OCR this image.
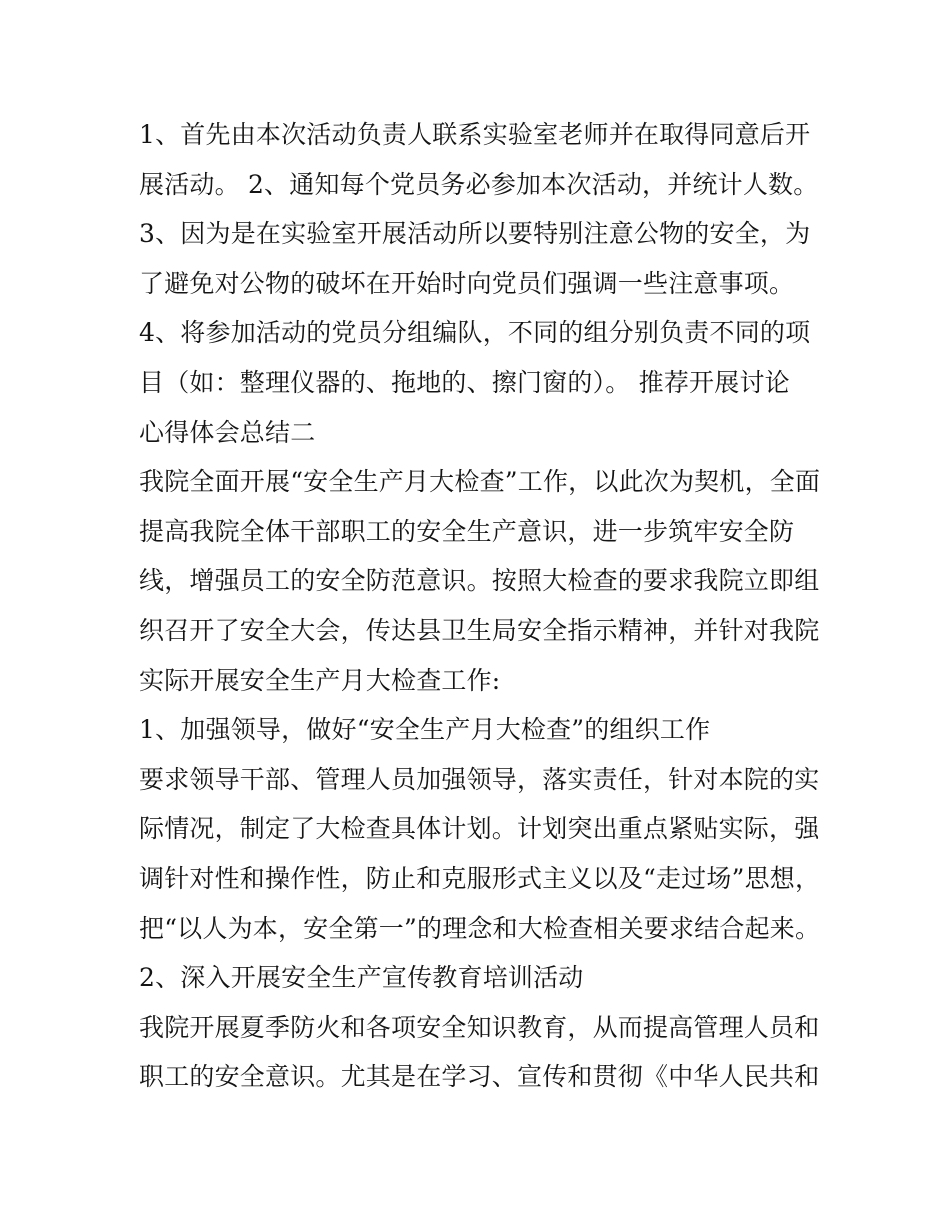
1、首先由本次活动负责人联系实验室老师并在取得同意后开
展活动。 2、通知每个党员务必参加本次活动，并统计人数。
3、因为是在实验室开展活动所以要特别注意公物的安全，为
了避免对公物的破坏在开始时向党员们强调一些注意事项。
4、将参加活动的党员分组编队，不同的组分别负责不同的项
目（如：整理仪器的、拖地的、擦门窗的）。 推荐开展讨论
心得体会总结二
我院全面开展“安全生产月大检查”工作，以此次为契机，全面
提高我院全体干部职工的安全生产意识，进一步筑牢安全防
线，增强员工的安全防范意识。按照大检查的要求我院立即组
织召开了安全大会，传达县卫生局安全指示精神，并针对我院
实际开展安全生产月大检查工作:
1、加强领导，做好“安全生产月大检查”的组织工作
要求领导干部、管理人员加强领导，落实责任，针对本院的实
际情况，制定了大检查具体计划。计划突出重点紧贴实际，强
调针对性和操作性，防止和克服形式主义以及“走过场”思想，
把“以人为本，安全第一”的理念和大检查相关要求结合起来。
2、深入开展安全生产宣传教育培训活动
我院开展夏季防火和各项安全知识教育，从而提高管理人员和
职工的安全意识。尤其是在学习、宣传和贯彻《中华人民共和
